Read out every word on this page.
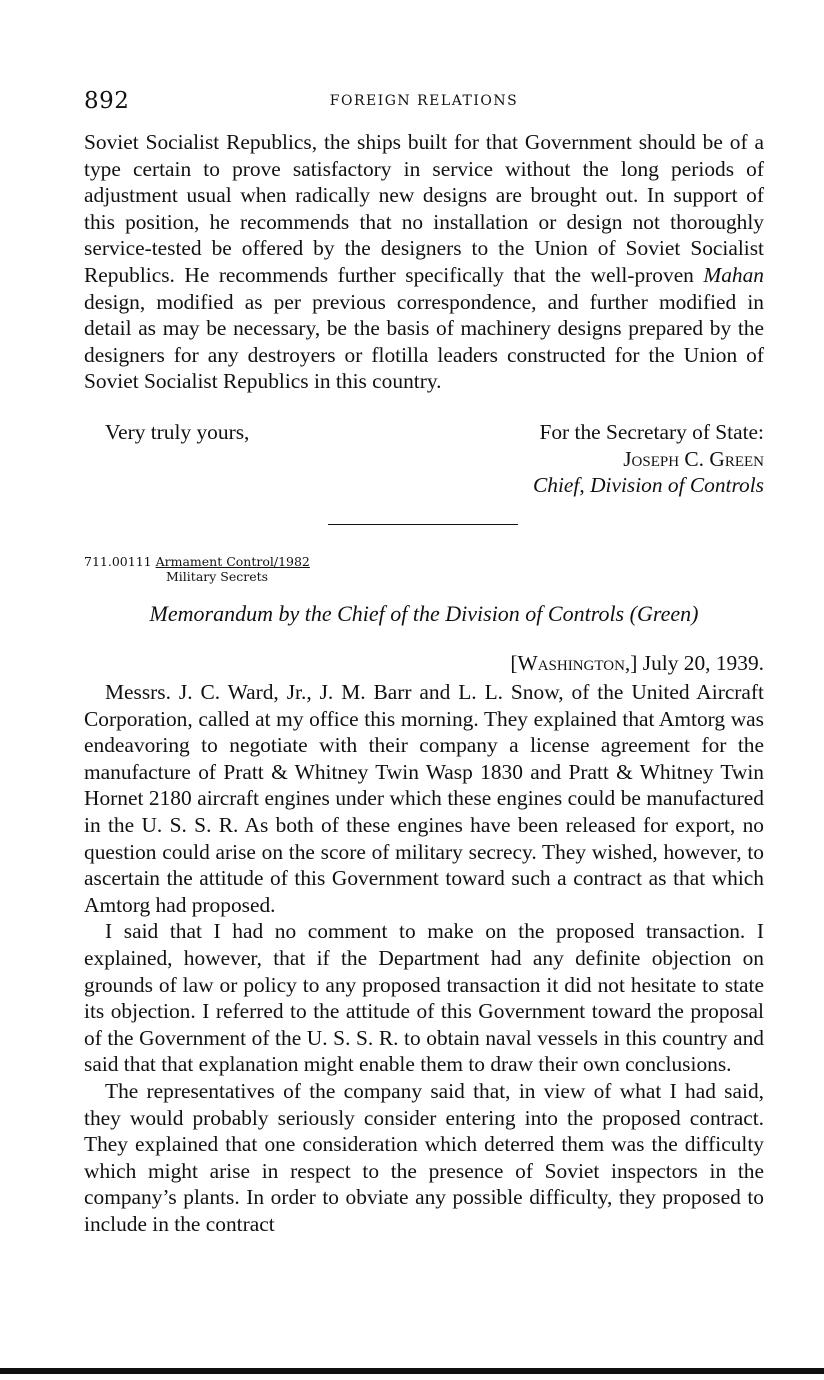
892	FOREIGN RELATIONS

Soviet Socialist Republics, the ships built for that Government should be of a type certain to prove satisfactory in service without the long periods of adjustment usual when radically new designs are brought out. In support of this position, he recommends that no installation or design not thoroughly service-tested be offered by the designers to the Union of Soviet Socialist Republics. He recommends further specifically that the well-proven Mahan design, modified as per previous correspondence, and further modified in detail as may be necessary, be the basis of machinery designs prepared by the designers for any destroyers or flotilla leaders constructed for the Union of Soviet Socialist Republics in this country.

Very truly yours,	For the Secretary of State:
Joseph C. Green
Chief, Division of Controls
711.00111 Armament Control/1982
Military Secrets
Memorandum by the Chief of the Division of Controls (Green)
[Washington,] July 20, 1939.

Messrs. J. C. Ward, Jr., J. M. Barr and L. L. Snow, of the United Aircraft Corporation, called at my office this morning. They explained that Amtorg was endeavoring to negotiate with their company a license agreement for the manufacture of Pratt & Whitney Twin Wasp 1830 and Pratt & Whitney Twin Hornet 2180 aircraft engines under which these engines could be manufactured in the U. S. S. R. As both of these engines have been released for export, no question could arise on the score of military secrecy. They wished, however, to ascertain the attitude of this Government toward such a contract as that which Amtorg had proposed.

I said that I had no comment to make on the proposed transaction. I explained, however, that if the Department had any definite objection on grounds of law or policy to any proposed transaction it did not hesitate to state its objection. I referred to the attitude of this Government toward the proposal of the Government of the U. S. S. R. to obtain naval vessels in this country and said that that explanation might enable them to draw their own conclusions.

The representatives of the company said that, in view of what I had said, they would probably seriously consider entering into the proposed contract. They explained that one consideration which deterred them was the difficulty which might arise in respect to the presence of Soviet inspectors in the company’s plants. In order to obviate any possible difficulty, they proposed to include in the contract
